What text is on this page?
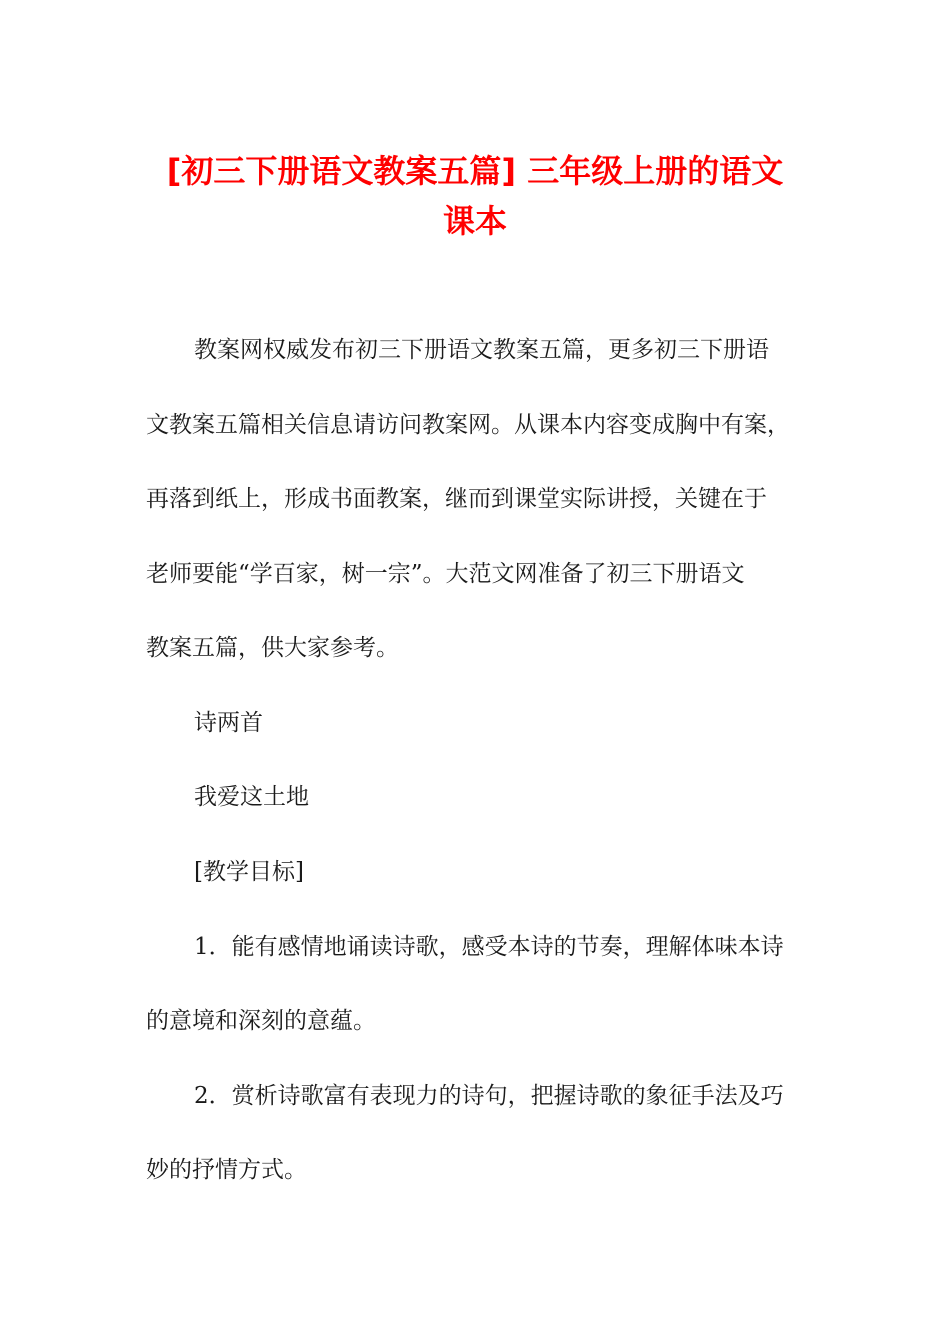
[初三下册语文教案五篇] 三年级上册的语文
课本

教案网权威发布初三下册语文教案五篇，更多初三下册语

文教案五篇相关信息请访问教案网。从课本内容变成胸中有案，

再落到纸上，形成书面教案，继而到课堂实际讲授，关键在于

老师要能“学百家，树一宗”。大范文网准备了初三下册语文

教案五篇，供大家参考。

诗两首

我爱这土地

[教学目标]

1．能有感情地诵读诗歌，感受本诗的节奏，理解体味本诗

的意境和深刻的意蕴。

2．赏析诗歌富有表现力的诗句，把握诗歌的象征手法及巧

妙的抒情方式。
